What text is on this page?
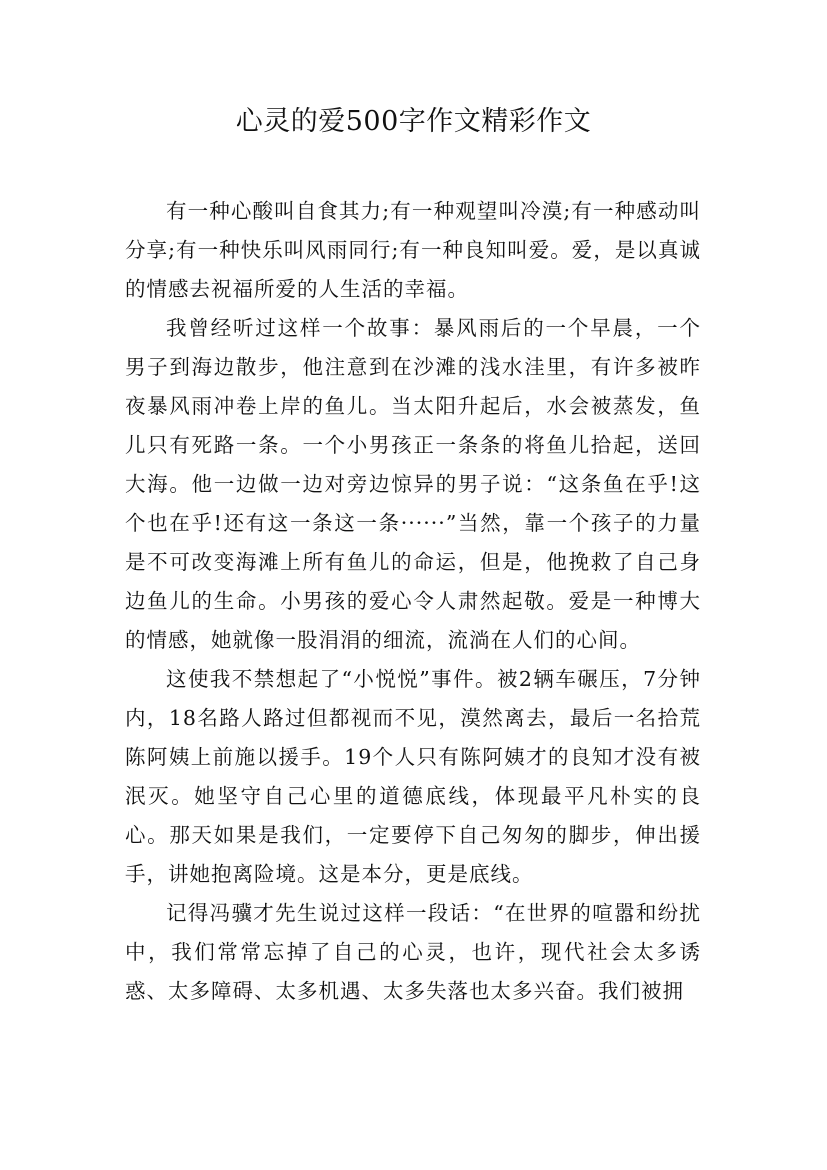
心灵的爱500字作文精彩作文

有一种心酸叫自食其力;有一种观望叫冷漠;有一种感动叫分享;有一种快乐叫风雨同行;有一种良知叫爱。爱，是以真诚的情感去祝福所爱的人生活的幸福。

我曾经听过这样一个故事：暴风雨后的一个早晨，一个男子到海边散步，他注意到在沙滩的浅水洼里，有许多被昨夜暴风雨冲卷上岸的鱼儿。当太阳升起后，水会被蒸发，鱼儿只有死路一条。一个小男孩正一条条的将鱼儿拾起，送回大海。他一边做一边对旁边惊异的男子说：“这条鱼在乎!这个也在乎!还有这一条这一条······”当然，靠一个孩子的力量是不可改变海滩上所有鱼儿的命运，但是，他挽救了自己身边鱼儿的生命。小男孩的爱心令人肃然起敬。爱是一种博大的情感，她就像一股涓涓的细流，流淌在人们的心间。

这使我不禁想起了“小悦悦”事件。被2辆车碾压，7分钟内，18名路人路过但都视而不见，漠然离去，最后一名拾荒陈阿姨上前施以援手。19个人只有陈阿姨才的良知才没有被泯灭。她坚守自己心里的道德底线，体现最平凡朴实的良心。那天如果是我们，一定要停下自己匆匆的脚步，伸出援手，讲她抱离险境。这是本分，更是底线。

记得冯骥才先生说过这样一段话：“在世界的喧嚣和纷扰中，我们常常忘掉了自己的心灵，也许，现代社会太多诱惑、太多障碍、太多机遇、太多失落也太多兴奋。我们被拥
